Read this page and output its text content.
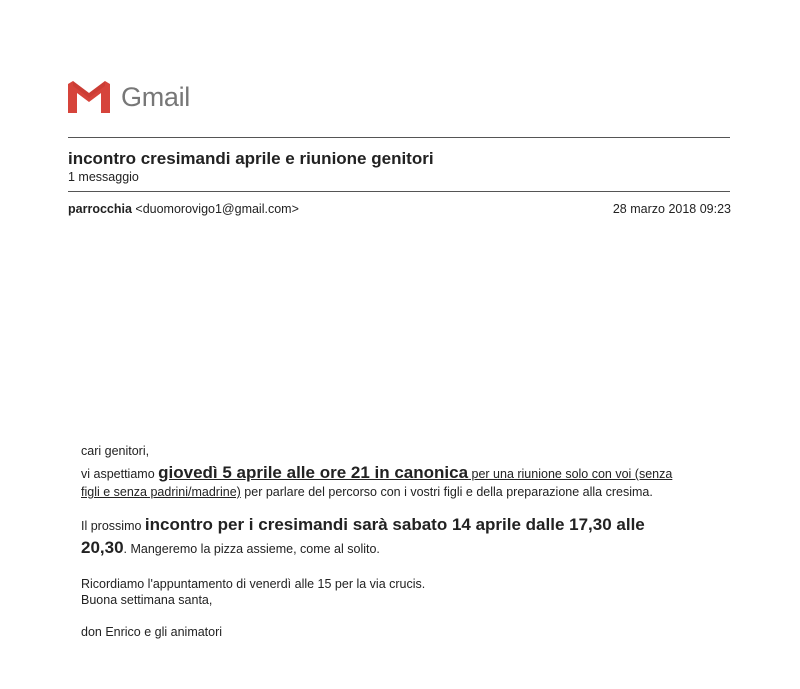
Gmail
incontro cresimandi aprile e riunione genitori
1 messaggio
parrocchia <duomorovigo1@gmail.com>	28 marzo 2018 09:23
cari genitori,
vi aspettiamo giovedì 5 aprile alle ore 21 in canonica per una riunione solo con voi (senza
figli e senza padrini/madrine) per parlare del percorso con i vostri figli e della preparazione alla cresima.
Il prossimo incontro per i cresimandi sarà sabato 14 aprile dalle 17,30 alle
20,30. Mangeremo la pizza assieme, come al solito.
Ricordiamo l'appuntamento di venerdì alle 15 per la via crucis.
Buona settimana santa,
don Enrico e gli animatori
